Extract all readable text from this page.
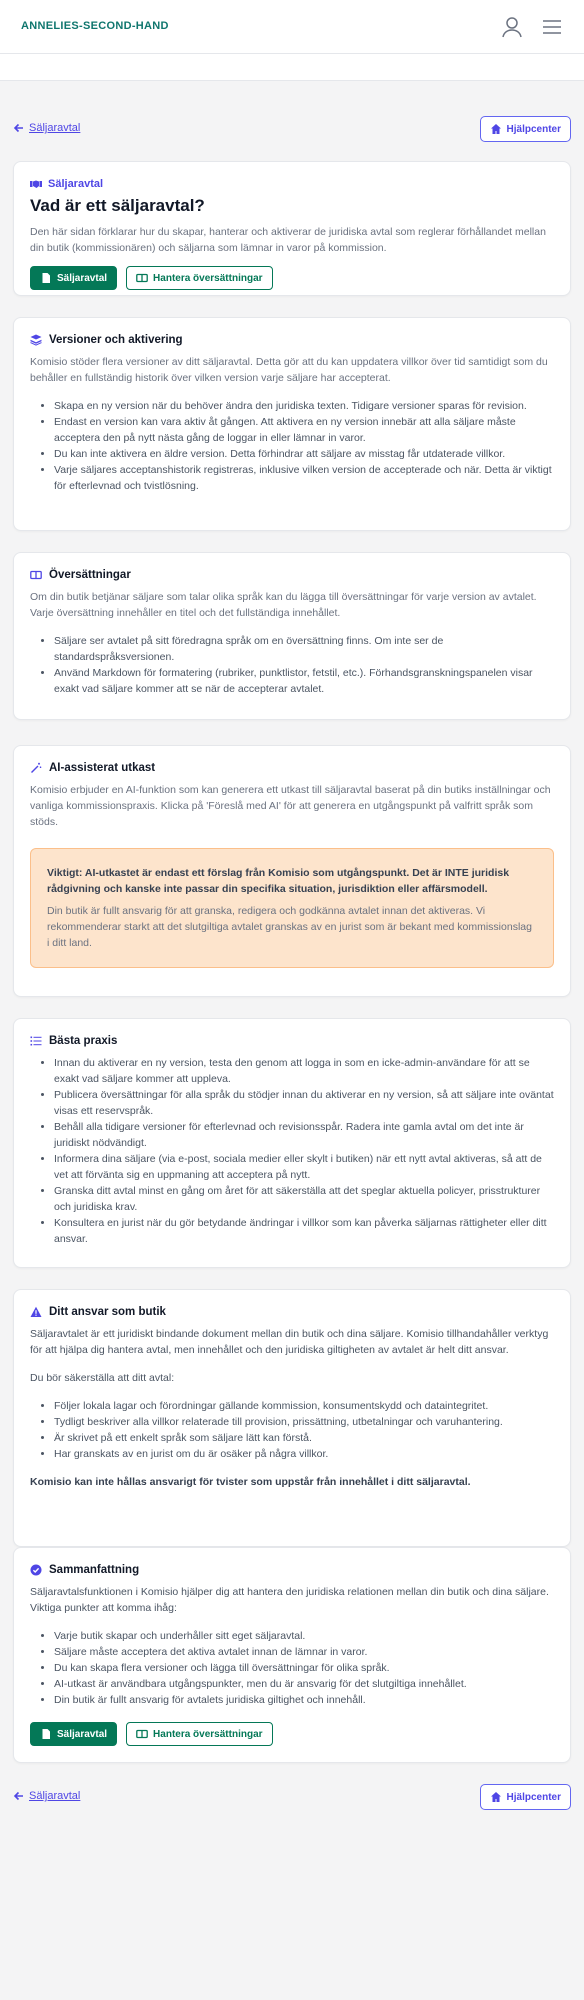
ANNELIES-SECOND-HAND
Säljaravtal	Hjälpcenter
Säljaravtal
Vad är ett säljaravtal?

Den här sidan förklarar hur du skapar, hanterar och aktiverar de juridiska avtal som reglerar förhållandet mellan din butik (kommissionären) och säljarna som lämnar in varor på kommission.

Säljaravtal	Hantera översättningar
Versioner och aktivering

Komisio stöder flera versioner av ditt säljaravtal. Detta gör att du kan uppdatera villkor över tid samtidigt som du behåller en fullständig historik över vilken version varje säljare har accepterat.

• Skapa en ny version när du behöver ändra den juridiska texten. Tidigare versioner sparas för revision.
• Endast en version kan vara aktiv åt gången. Att aktivera en ny version innebär att alla säljare måste acceptera den på nytt nästa gång de loggar in eller lämnar in varor.
• Du kan inte aktivera en äldre version. Detta förhindrar att säljare av misstag får utdaterade villkor.
• Varje säljares acceptanshistorik registreras, inklusive vilken version de accepterade och när. Detta är viktigt för efterlevnad och tvistlösning.
Översättningar

Om din butik betjänar säljare som talar olika språk kan du lägga till översättningar för varje version av avtalet. Varje översättning innehåller en titel och det fullständiga innehållet.

• Säljare ser avtalet på sitt föredragna språk om en översättning finns. Om inte ser de standardspråksversionen.
• Använd Markdown för formatering (rubriker, punktlistor, fetstil, etc.). Förhandsgranskningspanelen visar exakt vad säljare kommer att se när de accepterar avtalet.
AI-assisterat utkast

Komisio erbjuder en AI-funktion som kan generera ett utkast till säljaravtal baserat på din butiks inställningar och vanliga kommissionspraxis. Klicka på 'Föreslå med AI' för att generera en utgångspunkt på valfritt språk som stöds.

Viktigt: AI-utkastet är endast ett förslag från Komisio som utgångspunkt. Det är INTE juridisk rådgivning och kanske inte passar din specifika situation, jurisdiktion eller affärsmodell.

Din butik är fullt ansvarig för att granska, redigera och godkänna avtalet innan det aktiveras. Vi rekommenderar starkt att det slutgiltiga avtalet granskas av en jurist som är bekant med kommissionslag i ditt land.

Bästa praxis
• Innan du aktiverar en ny version, testa den genom att logga in som en icke-admin-användare för att se exakt vad säljare kommer att uppleva.
• Publicera översättningar för alla språk du stödjer innan du aktiverar en ny version, så att säljare inte oväntat visas ett reservspråk.
• Behåll alla tidigare versioner för efterlevnad och revisionsspår. Radera inte gamla avtal om det inte är juridiskt nödvändigt.
• Informera dina säljare (via e-post, sociala medier eller skylt i butiken) när ett nytt avtal aktiveras, så att de vet att förvänta sig en uppmaning att acceptera på nytt.
• Granska ditt avtal minst en gång om året för att säkerställa att det speglar aktuella policyer, prisstrukturer och juridiska krav.
• Konsultera en jurist när du gör betydande ändringar i villkor som kan påverka säljarnas rättigheter eller ditt ansvar.
Ditt ansvar som butik

Säljaravtalet är ett juridiskt bindande dokument mellan din butik och dina säljare. Komisio tillhandahåller verktyg för att hjälpa dig hantera avtal, men innehållet och den juridiska giltigheten av avtalet är helt ditt ansvar.

Du bör säkerställa att ditt avtal:

• Följer lokala lagar och förordningar gällande kommission, konsumentskydd och dataintegritet.
• Tydligt beskriver alla villkor relaterade till provision, prissättning, utbetalningar och varuhantering.
• Är skrivet på ett enkelt språk som säljare lätt kan förstå.
• Har granskats av en jurist om du är osäker på några villkor.
Komisio kan inte hållas ansvarigt för tvister som uppstår från innehållet i ditt säljaravtal.
Sammanfattning

Säljaravtalsfunktionen i Komisio hjälper dig att hantera den juridiska relationen mellan din butik och dina säljare. Viktiga punkter att komma ihåg:

• Varje butik skapar och underhåller sitt eget säljaravtal.
• Säljare måste acceptera det aktiva avtalet innan de lämnar in varor.
• Du kan skapa flera versioner och lägga till översättningar för olika språk.
• AI-utkast är användbara utgångspunkter, men du är ansvarig för det slutgiltiga innehållet.
• Din butik är fullt ansvarig för avtalets juridiska giltighet och innehåll.
Säljaravtal	Hantera översättningar
Säljaravtal	Hjälpcenter
